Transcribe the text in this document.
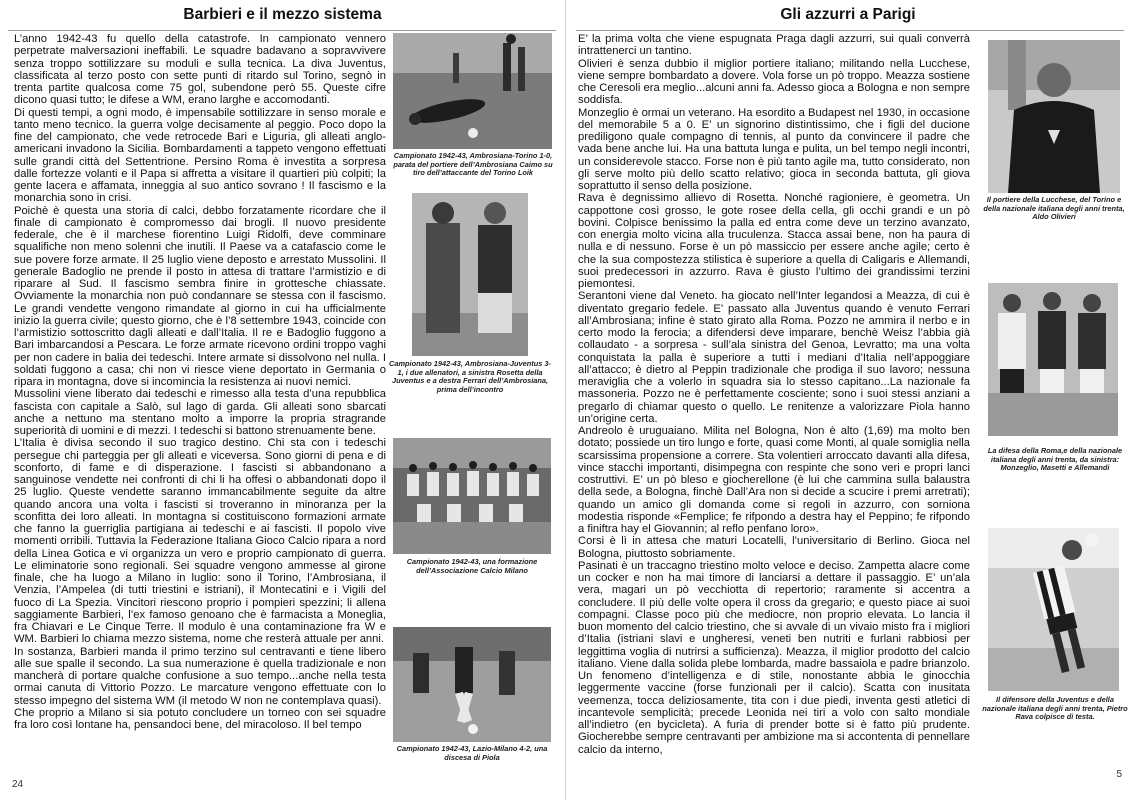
Barbieri e il mezzo sistema

L’anno 1942-43 fu quello della catastrofe. In campionato vennero perpetrate malversazioni ineffabili. Le squadre badavano a sopravvivere senza troppo sottilizzare su moduli e sulla tecnica. La diva Juventus, classificata al terzo posto con sette punti di ritardo sul Torino, segnò in trenta partite qualcosa come 75 gol, subendone però 55. Queste cifre dicono quasi tutto; le difese a WM, erano larghe e accomodanti.

Di questi tempi, a ogni modo, è impensabile sottilizzare in senso morale e tanto meno tecnico. la guerra volge decisamente al peggio. Poco dopo la fine del campionato, che vede retrocede Bari e Liguria, gli alleati anglo-americani invadono la Sicilia. Bombardamenti a tappeto vengono effettuati sulle grandi città del Settentrione. Persino Roma è investita a sorpresa dalle fortezze volanti e il Papa si affretta a visitare il quartieri più colpiti; la gente lacera e affamata, inneggia al suo antico sovrano ! Il fascismo e la monarchia sono in crisi.

Poichè è questa una storia di calci, debbo forzatamente ricordare che il finale di campionato è compromesso dai brogli. Il nuovo presidente federale, che è il marchese fiorentino Luigi Ridolfi, deve comminare squalifiche non meno solenni che inutili. Il Paese va a catafascio come le sue povere forze armate. Il 25 luglio viene deposto e arrestato Mussolini. Il generale Badoglio ne prende il posto in attesa di trattare l’armistizio e di riparare al Sud. Il fascismo sembra finire in grottesche chiassate. Ovviamente la monarchia non può condannare se stessa con il fascismo. Le grandi vendette vengono rimandate al giorno in cui ha ufficialmente inizio la guerra civile; questo giorno, che è l’8 settembre 1943, coincide con l’armistizio sottoscritto dagli alleati e dall’Italia. Il re e Badoglio fuggono a Bari imbarcandosi a Pescara. Le forze armate ricevono ordini troppo vaghi per non cadere in balia dei tedeschi. Intere armate si dissolvono nel nulla. I soldati fuggono a casa; chi non vi riesce viene deportato in Germania o ripara in montagna, dove si incomincia la resistenza ai nuovi nemici.

Mussolini viene liberato dai tedeschi e rimesso alla testa d’una repubblica fascista con capitale a Salò, sul lago di garda. Gli alleati sono sbarcati anche a nettuno ma stentano molto a imporre la propria stragrande superiorità di uomini e di mezzi. I tedeschi si battono strenuamente bene.

L’Italia è divisa secondo il suo tragico destino. Chi sta con i tedeschi persegue chi parteggia per gli alleati e viceversa. Sono giorni di pena e di sconforto, di fame e di disperazione. I fascisti si abbandonano a sanguinose vendette nei confronti di chi li ha offesi o abbandonati dopo il 25 luglio. Queste vendette saranno immancabilmente seguite da altre quando ancora una volta i fascisti si troveranno in minoranza per la sconfitta dei loro alleati. In montagna si costituiscono formazioni armate che fanno la guerriglia partigiana ai tedeschi e ai fascisti. Il popolo vive momenti orribili. Tuttavia la Federazione Italiana Gioco Calcio ripara a nord della Linea Gotica e vi organizza un vero e proprio campionato di guerra. Le eliminatorie sono regionali. Sei squadre vengono ammesse al girone finale, che ha luogo a Milano in luglio: sono il Torino, l’Ambrosiana, il Venzia, l’Ampelea (di tutti triestini e istriani), il Montecatini e i Vigili del fuoco di La Spezia. Vincitori riescono proprio i pompieri spezzini; li allena saggiamente Barbieri, l’ex famoso genoano che è farmacista a Moneglia, fra Chiavari e Le Cinque Terre. Il modulo è una contaminazione fra W e WM. Barbieri lo chiama mezzo sistema, nome che resterà attuale per anni.

In sostanza, Barbieri manda il primo terzino sul centravanti e tiene libero alle sue spalle il secondo. La sua numerazione è quella tradizionale e non mancherà di portare qualche confusione a suo tempo...anche nella testa ormai canuta di Vittorio Pozzo. Le marcature vengono effettuate con lo stesso impegno del sistema WM (il metodo W non ne contemplava quasi).

Che proprio a Milano si sia potuto concludere un torneo con sei squadre fra loro così lontane ha, pensandoci bene, del miracoloso. Il bel tempo

Campionato 1942-43, Ambrosiana-Torino 1-0, parata del portiere dell’Ambrosiana Caimo su tiro dell’attaccante del Torino Loik
Campionato 1942-43, Ambrosiana-Juventus 3-1, i due allenatori, a sinistra Rosetta della Juventus e a destra Ferrari dell’Ambrosiana, prima dell’incontro
Campionato 1942-43, una formazione dell’Associazione Calcio Milano
Campionato 1942-43, Lazio-Milano 4-2, una discesa di Piola
24
Gli azzurri a Parigi

E’ la prima volta che viene espugnata Praga dagli azzurri, sui quali converrà intrattenerci un tantino.

Olivieri è senza dubbio il miglior portiere italiano; militando nella Lucchese, viene sempre bombardato a dovere. Vola forse un pò troppo. Meazza sostiene che Ceresoli era meglio...alcuni anni fa. Adesso gioca a Bologna e non sempre soddisfa.

Monzeglio è ormai un veterano. Ha esordito a Budapest nel 1930, in occasione del memorabile 5 a 0. E’ un signorino distintissimo, che i figli del ducione prediligono quale compagno di tennis, al punto da convincere il padre che vada bene anche lui. Ha una battuta lunga e pulita, un bel tempo negli incontri, un considerevole stacco. Forse non è più tanto agile ma, tutto considerato, non gli serve molto più dello scatto relativo; gioca in seconda battuta, gli giova soprattutto il senso della posizione.

Rava è degnissimo allievo di Rosetta. Nonché ragioniere, è geometra. Un cappottone così grosso, le gote rosee della cella, gli occhi grandi e un pò bovini. Colpisce benissimo la palla ed entra come deve un terzino avanzato, con energia molto vicina alla truculenza. Stacca assai bene, non ha paura di nulla e di nessuno. Forse è un pò massiccio per essere anche agile; certo è che la sua compostezza stilistica è superiore a quella di Caligaris e Allemandi, suoi predecessori in azzurro. Rava è giusto l’ultimo dei grandissimi terzini piemontesi.

Serantoni viene dal Veneto. ha giocato nell’Inter legandosi a Meazza, di cui è diventato gregario fedele. E’ passato alla Juventus quando è venuto Ferrari all’Ambrosiana; infine è stato girato alla Roma. Pozzo ne ammira il nerbo e in certo modo la ferocia; a difendersi deve imparare, benchè Weisz l’abbia già collaudato - a sorpresa - sull’ala sinistra del Genoa, Levratto; ma una volta conquistata la palla è superiore a tutti i mediani d’Italia nell’appoggiare all’attacco; è dietro al Peppin tradizionale che prodiga il suo lavoro; nessuna meraviglia che a volerlo in squadra sia lo stesso capitano...La nazionale fa massoneria. Pozzo ne è perfettamente cosciente; sono i suoi stessi anziani a pregarlo di chiamar questo o quello. Le renitenze a valorizzare Piola hanno un’origine certa.

Andreolo è uruguaiano. Milita nel Bologna, Non è alto (1,69) ma molto ben dotato; possiede un tiro lungo e forte, quasi come Monti, al quale somiglia nella scarsissima propensione a correre. Sta volentieri arroccato davanti alla difesa, vince stacchi importanti, disimpegna con respinte che sono veri e propri lanci costruttivi. E’ un pò bleso e giocherellone (è lui che cammina sulla balaustra della sede, a Bologna, finchè Dall’Ara non si decide a scucire i premi arretrati); quando un amico gli domanda come si regoli in azzurro, con sorniona modestia risponde «Femplice; fe rifpondo a destra hay el Peppino; fe rifpondo a finiftra hay el Giovannin; al reflo penfano loro».

Corsi è lì in attesa che maturi Locatelli, l’universitario di Berlino. Gioca nel Bologna, piuttosto sobriamente.

Pasinati è un traccagno triestino molto veloce e deciso. Zampetta alacre come un cocker e non ha mai timore di lanciarsi a dettare il passaggio. E’ un’ala vera, magari un pò vecchiotta di repertorio; raramente si accentra a concludere. Il più delle volte opera il cross da gregario; e questo piace ai suoi compagni. Classe poco più che mediocre, non proprio elevata. Lo lancia il buon momento del calcio triestino, che si avvale di un vivaio misto fra i migliori d’Italia (istriani slavi e ungheresi, veneti ben nutriti e furlani rabbiosi per leggittima voglia di nutrirsi a sufficienza). Meazza, il miglior prodotto del calcio italiano. Viene dalla solida plebe lombarda, madre bassaiola e padre brianzolo. Un fenomeno d’intelligenza e di stile, nonostante abbia le ginocchia leggermente vaccine (forse funzionali per il calcio). Scatta con inusitata veemenza, tocca deliziosamente, tita con i due piedi, inventa gesti atletici di incantevole semplicità; precede Leonida nei tiri a volo con salto mondiale all’indietro (en bycicleta). A furia di prender botte si è fatto più prudente. Giocherebbe sempre centravanti per ambizione ma si accontenta di pennellare calcio da interno,

Il portiere della Lucchese, del Torino e della nazionale italiana degli anni trenta, Aldo Olivieri
La difesa della Roma,e della nazionale italiana degli anni trenta, da sinistra: Monzeglio, Masetti e Allemandi
Il difensore della Juventus e della nazionale italiana degli anni trenta, Pietro Rava colpisce di testa.
5
